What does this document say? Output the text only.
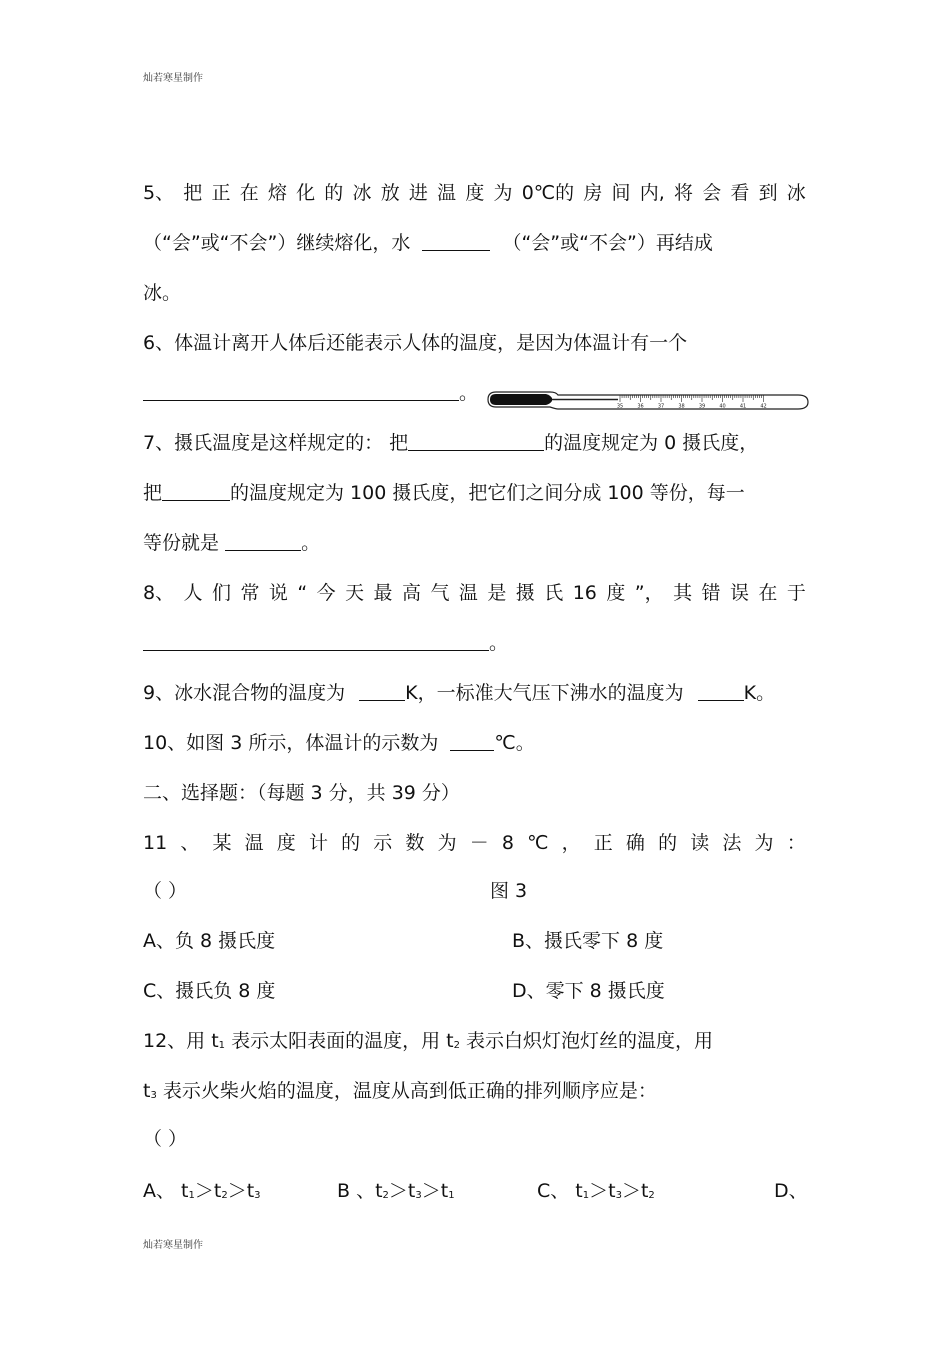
灿若寒星制作
5、 把 正 在 熔 化 的 冰 放 进 温 度 为 0℃的 房 间 内, 将 会 看 到 冰
（“会”或“不会”）继续熔化，水	（“会”或“不会”）再结成
冰。
6、体温计离开人体后还能表示人体的温度，是因为体温计有一个
。
35	36	37	38	39	40	41	42
7、摄氏温度是这样规定的： 把	的温度规定为 0 摄氏度，
把	的温度规定为 100 摄氏度，把它们之间分成 100 等份，每一
等份就是	。
8、 人 们 常 说 “ 今 天 最 高 气 温 是 摄 氏 16 度 ”， 其 错 误 在 于
。
9、冰水混合物的温度为	K，一标准大气压下沸水的温度为	K。
10、如图 3 所示，体温计的示数为	℃。
二、选择题：（每题 3 分，共 39 分）
11 、 某 温 度 计 的 示 数 为 － 8 ℃ ， 正 确 的 读 法 为 ：
（ ）	图 3
A、负 8 摄氏度	B、摄氏零下 8 度
C、摄氏负 8 度	D、零下 8 摄氏度
12、用 t1 表示太阳表面的温度，用 t2 表示白炽灯泡灯丝的温度，用
t3 表示火柴火焰的温度，温度从高到低正确的排列顺序应是：
（ ）
A、 t1＞t2＞t3	B 、t2＞t3＞t1	C、 t1＞t3＞t2	D、
灿若寒星制作
